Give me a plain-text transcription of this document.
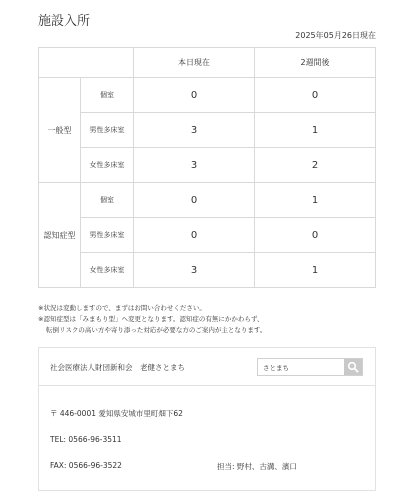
施設入所
2025年05月26日現在
		本日現在	2週間後
一般型	個室	0	0
	男性多床室	3	1
	女性多床室	3	2
認知症型	個室	0	1
	男性多床室	0	0
	女性多床室	3	1
※状況は変動しますので、まずはお問い合わせください。
※認知症型は「みまもり型」へ変更となります。認知症の有無にかかわらず、
転倒リスクの高い方や寄り添った対応が必要な方のご案内が主となります。
社会医療法人財団新和会　老健さとまち
さとまち
〒 446-0001 愛知県安城市里町畑下62
TEL: 0566-96-3511
FAX: 0566-96-3522	担当: 野村、古溝、濱口
